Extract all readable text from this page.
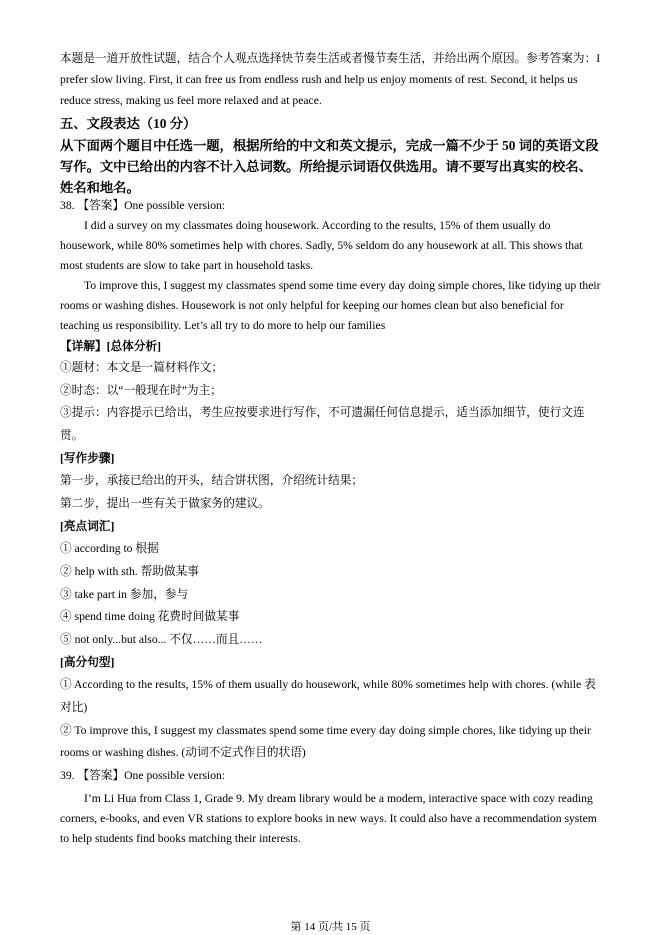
本题是一道开放性试题，结合个人观点选择快节奏生活或者慢节奏生活，并给出两个原因。参考答案为：I prefer slow living. First, it can free us from endless rush and help us enjoy moments of rest. Second, it helps us reduce stress, making us feel more relaxed and at peace.
五、文段表达（10 分）
从下面两个题目中任选一题，根据所给的中文和英文提示，完成一篇不少于 50 词的英语文段写作。文中已给出的内容不计入总词数。所给提示词语仅供选用。请不要写出真实的校名、姓名和地名。
38. 【答案】One possible version:
I did a survey on my classmates doing housework. According to the results, 15% of them usually do housework, while 80% sometimes help with chores. Sadly, 5% seldom do any housework at all. This shows that most students are slow to take part in household tasks.
To improve this, I suggest my classmates spend some time every day doing simple chores, like tidying up their rooms or washing dishes. Housework is not only helpful for keeping our homes clean but also beneficial for teaching us responsibility. Let’s all try to do more to help our families
【详解】[总体分析]
①题材：本文是一篇材料作文；
②时态：以“一般现在时”为主；
③提示：内容提示已给出，考生应按要求进行写作，不可遗漏任何信息提示，适当添加细节，使行文连贯。
[写作步骤]
第一步，承接已给出的开头，结合饼状图，介绍统计结果；
第二步，提出一些有关于做家务的建议。
[亮点词汇]
① according to 根据
② help with sth. 帮助做某事
③ take part in 参加，参与
④ spend time doing 花费时间做某事
⑤ not only...but also... 不仅……而且……
[高分句型]
① According to the results, 15% of them usually do housework, while 80% sometimes help with chores. (while 表对比)
② To improve this, I suggest my classmates spend some time every day doing simple chores, like tidying up their rooms or washing dishes. (动词不定式作目的状语)
39. 【答案】One possible version:
I’m Li Hua from Class 1, Grade 9. My dream library would be a modern, interactive space with cozy reading corners, e-books, and even VR stations to explore books in new ways. It could also have a recommendation system to help students find books matching their interests.
第 14 页/共 15 页
